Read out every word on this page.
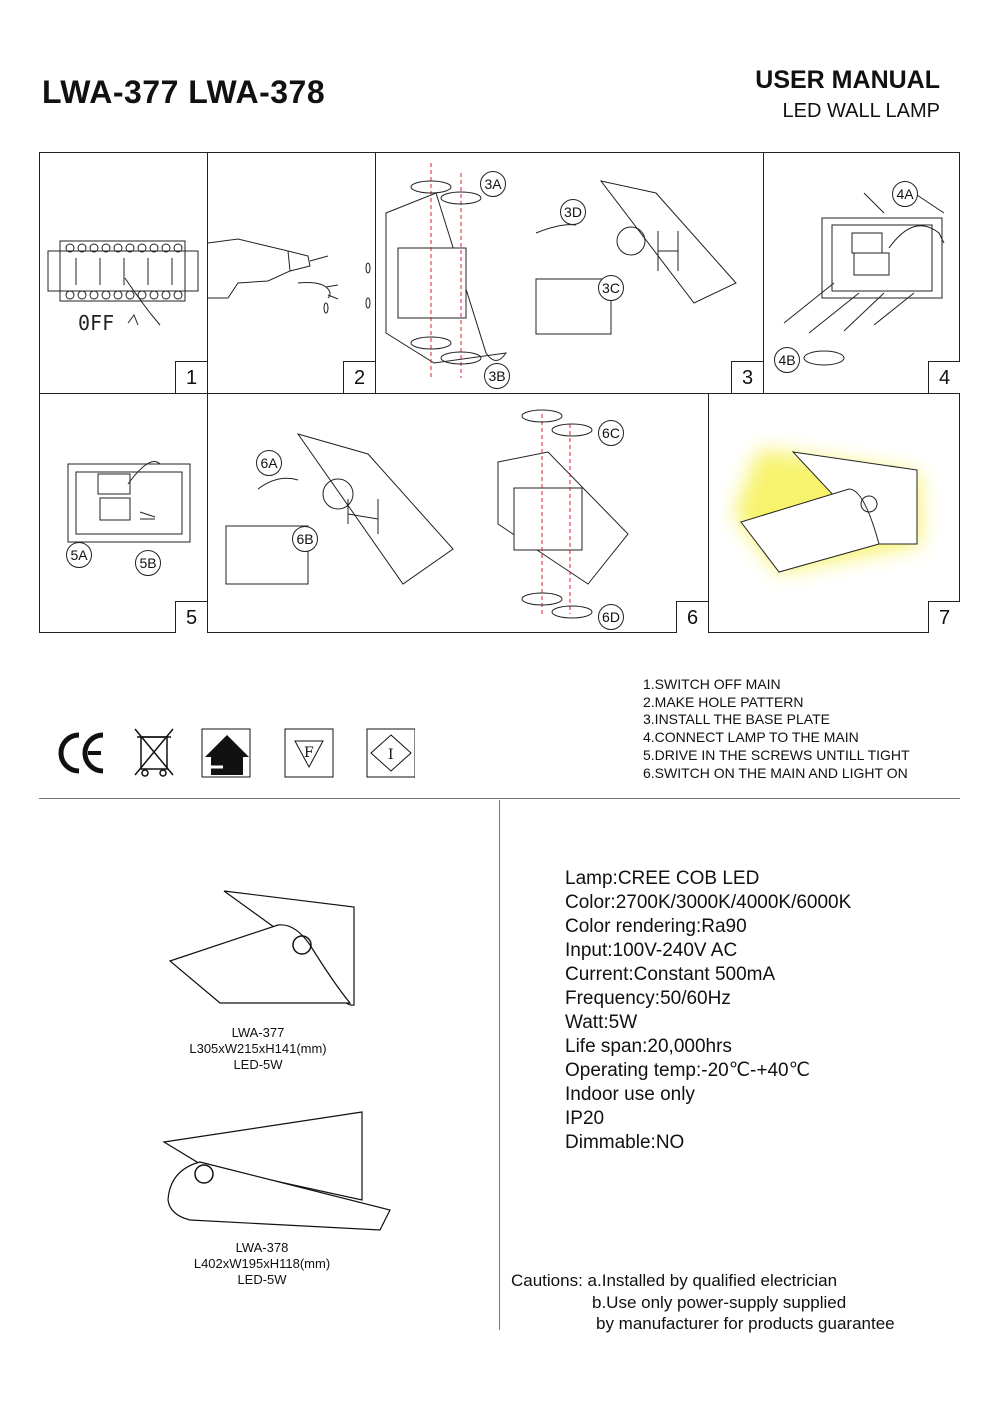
LWA-377 LWA-378	USER MANUAL
LED WALL LAMP
0FF
1	2
3A
3B
3C
3D
3
4A
4B
4
5A	5B
5
6A
6B
6C
6D	6	7
F	I
1.SWITCH OFF MAIN
2.MAKE HOLE PATTERN
3.INSTALL THE BASE PLATE
4.CONNECT LAMP TO THE MAIN
5.DRIVE IN THE SCREWS UNTILL TIGHT
6.SWITCH ON THE MAIN AND LIGHT ON
LWA-377
L305xW215xH141(mm)
LED-5W
LWA-378
L402xW195xH118(mm)
LED-5W
Lamp:CREE COB LED
Color:2700K/3000K/4000K/6000K
Color rendering:Ra90
Input:100V-240V AC
Current:Constant 500mA
Frequency:50/60Hz
Watt:5W
Life span:20,000hrs
Operating temp:-20℃-+40℃
Indoor use only
IP20
Dimmable:NO
Cautions: a.Installed by qualified electrician
b.Use only power-supply supplied
by manufacturer for products guarantee
